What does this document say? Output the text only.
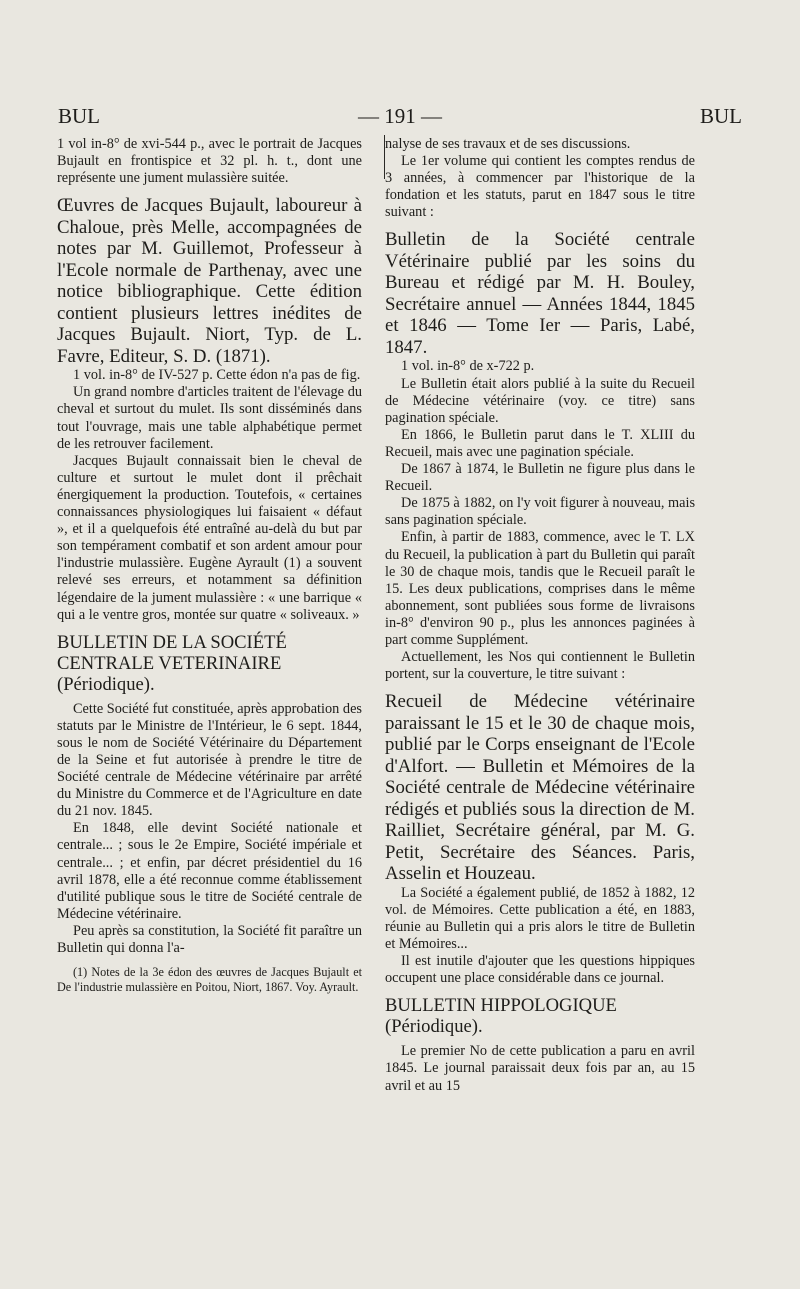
BUL	— 191 —	BUL

1 vol in-8° de xvi-544 p., avec le portrait de Jacques Bujault en frontispice et 32 pl. h. t., dont une représente une jument mulassière suitée.

Œuvres de Jacques Bujault, laboureur à Chaloue, près Melle, accompagnées de notes par M. Guillemot, Professeur à l'Ecole normale de Parthenay, avec une notice bibliographique. Cette édition contient plusieurs lettres inédites de Jacques Bujault. Niort, Typ. de L. Favre, Editeur, S. D. (1871).

1 vol. in-8° de IV-527 p. Cette édon n'a pas de fig.

Un grand nombre d'articles traitent de l'élevage du cheval et surtout du mulet. Ils sont disséminés dans tout l'ouvrage, mais une table alphabétique permet de les retrouver facilement.

Jacques Bujault connaissait bien le cheval de culture et surtout le mulet dont il prêchait énergiquement la production. Toutefois, « certaines connaissances physiologiques lui faisaient « défaut », et il a quelquefois été entraîné au-delà du but par son tempérament combatif et son ardent amour pour l'industrie mulassière. Eugène Ayrault (1) a souvent relevé ses erreurs, et notamment sa définition légendaire de la jument mulassière : « une barrique « qui a le ventre gros, montée sur quatre « soliveaux. »

BULLETIN DE LA SOCIÉTÉ CENTRALE VETERINAIRE (Périodique).

Cette Société fut constituée, après approbation des statuts par le Ministre de l'Intérieur, le 6 sept. 1844, sous le nom de Société Vétérinaire du Département de la Seine et fut autorisée à prendre le titre de Société centrale de Médecine vétérinaire par arrêté du Ministre du Commerce et de l'Agriculture en date du 21 nov. 1845.

En 1848, elle devint Société nationale et centrale... ; sous le 2e Empire, Société impériale et centrale... ; et enfin, par décret présidentiel du 16 avril 1878, elle a été reconnue comme établissement d'utilité publique sous le titre de Société centrale de Médecine vétérinaire.

Peu après sa constitution, la Société fit paraître un Bulletin qui donna l'a-

(1) Notes de la 3e édon des œuvres de Jacques Bujault et De l'industrie mulassière en Poitou, Niort, 1867. Voy. Ayrault.

nalyse de ses travaux et de ses discussions.

Le 1er volume qui contient les comptes rendus de 3 années, à commencer par l'historique de la fondation et les statuts, parut en 1847 sous le titre suivant :

Bulletin de la Société centrale Vétérinaire publié par les soins du Bureau et rédigé par M. H. Bouley, Secrétaire annuel — Années 1844, 1845 et 1846 — Tome Ier — Paris, Labé, 1847.

1 vol. in-8° de x-722 p.

Le Bulletin était alors publié à la suite du Recueil de Médecine vétérinaire (voy. ce titre) sans pagination spéciale.

En 1866, le Bulletin parut dans le T. XLIII du Recueil, mais avec une pagination spéciale.

De 1867 à 1874, le Bulletin ne figure plus dans le Recueil.

De 1875 à 1882, on l'y voit figurer à nouveau, mais sans pagination spéciale.

Enfin, à partir de 1883, commence, avec le T. LX du Recueil, la publication à part du Bulletin qui paraît le 30 de chaque mois, tandis que le Recueil paraît le 15. Les deux publications, comprises dans le même abonnement, sont publiées sous forme de livraisons in-8° d'environ 90 p., plus les annonces paginées à part comme Supplément.

Actuellement, les Nos qui contiennent le Bulletin portent, sur la couverture, le titre suivant :

Recueil de Médecine vétérinaire paraissant le 15 et le 30 de chaque mois, publié par le Corps enseignant de l'Ecole d'Alfort. — Bulletin et Mémoires de la Société centrale de Médecine vétérinaire rédigés et publiés sous la direction de M. Railliet, Secrétaire général, par M. G. Petit, Secrétaire des Séances. Paris, Asselin et Houzeau.

La Société a également publié, de 1852 à 1882, 12 vol. de Mémoires. Cette publication a été, en 1883, réunie au Bulletin qui a pris alors le titre de Bulletin et Mémoires...

Il est inutile d'ajouter que les questions hippiques occupent une place considérable dans ce journal.

BULLETIN HIPPOLOGIQUE (Périodique).

Le premier No de cette publication a paru en avril 1845. Le journal paraissait deux fois par an, au 15 avril et au 15
